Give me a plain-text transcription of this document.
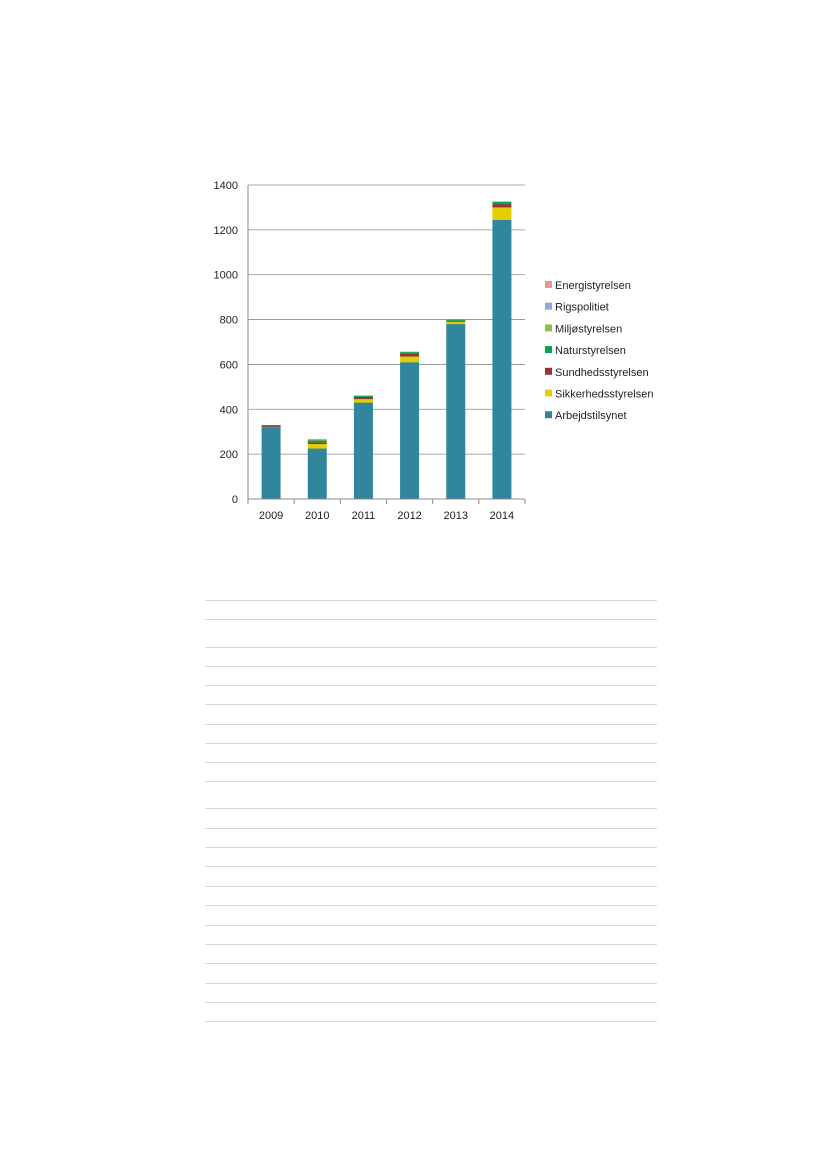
0
200
400
600
800
1000
1200
1400
2009 2010 2011 2012 2013 2014
Energistyrelsen
Rigspolitiet
Miljøstyrelsen
Naturstyrelsen
Sundhedsstyrelsen
Sikkerhedsstyrelsen
Arbejdstilsynet
